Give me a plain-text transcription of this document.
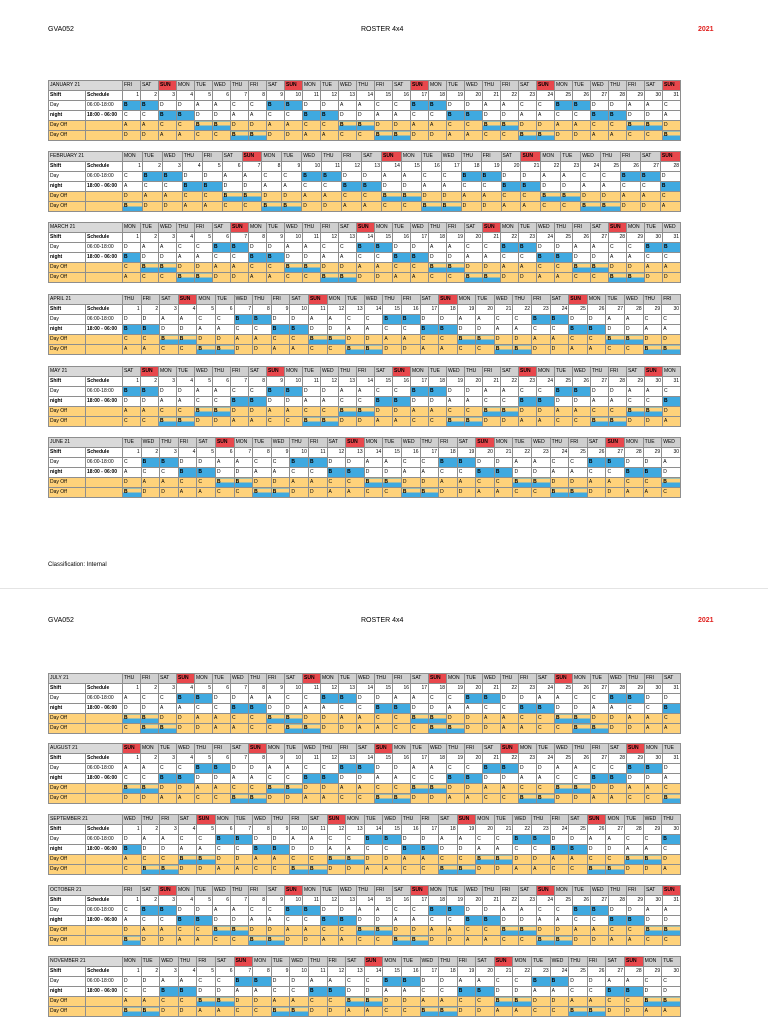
GVA052	ROSTER 4x4	2021
JANUARY 21		FRI	SAT	SUN	MON	TUE	WED	THU	FRI	SAT	SUN	MON	TUE	WED	THU	FRI	SAT	SUN	MON	TUE	WED	THU	FRI	SAT	SUN	MON	TUE	WED	THU	FRI	SAT	SUN
Shift	Schedule	1	2	3	4	5	6	7	8	9	10	11	12	13	14	15	16	17	18	19	20	21	22	23	24	25	26	27	28	29	30	31
Day	06:00-18:00	B	B	D	D	A	A	C	C	B	B	D	D	A	A	C	C	B	B	D	D	A	A	C	C	B	B	D	D	A	A	C
night	18:00 - 06:00	C	C	B	B	D	D	A	A	C	C	B	B	D	D	A	A	C	C	B	B	D	D	A	A	C	C	B	B	D	D	A
Day Off		A	A	C	C	B	B	D	D	A	A	C	C	B	B	D	D	A	A	C	C	B	B	D	D	A	A	C	C	B	B	D
Day Off		D	D	A	A	C	C	B	B	D	D	A	A	C	C	B	B	D	D	A	A	C	C	B	B	D	D	A	A	C	C	B
FEBRUARY 21		MON	TUE	WED	THU	FRI	SAT	SUN	MON	TUE	WED	THU	FRI	SAT	SUN	MON	TUE	WED	THU	FRI	SAT	SUN	MON	TUE	WED	THU	FRI	SAT	SUN
Shift	Schedule	1	2	3	4	5	6	7	8	9	10	11	12	13	14	15	16	17	18	19	20	21	22	23	24	25	26	27	28
Day	06:00-18:00	C	B	B	D	D	A	A	C	C	B	B	D	D	A	A	C	C	B	B	D	D	A	A	C	C	B	B	D
night	18:00 - 06:00	A	C	C	B	B	D	D	A	A	C	C	B	B	D	D	A	A	C	C	B	B	D	D	A	A	C	C	B
Day Off		D	A	A	C	C	B	B	D	D	A	A	C	C	B	B	D	D	A	A	C	C	B	B	D	D	A	A	C
Day Off		B	D	D	A	A	C	C	B	B	D	D	A	A	C	C	B	B	D	D	A	A	C	C	B	B	D	D	A
MARCH 21		MON	TUE	WED	THU	FRI	SAT	SUN	MON	TUE	WED	THU	FRI	SAT	SUN	MON	TUE	WED	THU	FRI	SAT	SUN	MON	TUE	WED	THU	FRI	SAT	SUN	MON	TUE	WED
Shift	Schedule	1	2	3	4	5	6	7	8	9	10	11	12	13	14	15	16	17	18	19	20	21	22	23	24	25	26	27	28	29	30	31
Day	06:00-18:00	D	A	A	C	C	B	B	D	D	A	A	C	C	B	B	D	D	A	A	C	C	B	B	D	D	A	A	C	C	B	B
night	18:00 - 06:00	B	D	D	A	A	C	C	B	B	D	D	A	A	C	C	B	B	D	D	A	A	C	C	B	B	D	D	A	A	C	C
Day Off		C	B	B	D	D	A	A	C	C	B	B	D	D	A	A	C	C	B	B	D	D	A	A	C	C	B	B	D	D	A	A
Day Off		A	C	C	B	B	D	D	A	A	C	C	B	B	D	D	A	A	C	C	B	B	D	D	A	A	C	C	B	B	D	D
APRIL 21		THU	FRI	SAT	SUN	MON	TUE	WED	THU	FRI	SAT	SUN	MON	TUE	WED	THU	FRI	SAT	SUN	MON	TUE	WED	THU	FRI	SAT	SUN	MON	TUE	WED	THU	FRI
Shift	Schedule	1	2	3	4	5	6	7	8	9	10	11	12	13	14	15	16	17	18	19	20	21	22	23	24	25	26	27	28	29	30
Day	06:00-18:00	D	D	A	A	C	C	B	B	D	D	A	A	C	C	B	B	D	D	A	A	C	C	B	B	D	D	A	A	C	C
night	18:00 - 06:00	B	B	D	D	A	A	C	C	B	B	D	D	A	A	C	C	B	B	D	D	A	A	C	C	B	B	D	D	A	A
Day Off		C	C	B	B	D	D	A	A	C	C	B	B	D	D	A	A	C	C	B	B	D	D	A	A	C	C	B	B	D	D
Day Off		A	A	C	C	B	B	D	D	A	A	C	C	B	B	D	D	A	A	C	C	B	B	D	D	A	A	C	C	B	B
MAY 21		SAT	SUN	MON	TUE	WED	THU	FRI	SAT	SUN	MON	TUE	WED	THU	FRI	SAT	SUN	MON	TUE	WED	THU	FRI	SAT	SUN	MON	TUE	WED	THU	FRI	SAT	SUN	MON
Shift	Schedule	1	2	3	4	5	6	7	8	9	10	11	12	13	14	15	16	17	18	19	20	21	22	23	24	25	26	27	28	29	30	31
Day	06:00-18:00	B	B	D	D	A	A	C	C	B	B	D	D	A	A	C	C	B	B	D	D	A	A	C	C	B	B	D	D	A	A	C
night	18:00 - 06:00	D	D	A	A	C	C	B	B	D	D	A	A	C	C	B	B	D	D	A	A	C	C	B	B	D	D	A	A	C	C	B
Day Off		A	A	C	C	B	B	D	D	A	A	C	C	B	B	D	D	A	A	C	C	B	B	D	D	A	A	C	C	B	B	D
Day Off		C	C	B	B	D	D	A	A	C	C	B	B	D	D	A	A	C	C	B	B	D	D	A	A	C	C	B	B	D	D	A
JUNE 21		TUE	WED	THU	FRI	SAT	SUN	MON	TUE	WED	THU	FRI	SAT	SUN	MON	TUE	WED	THU	FRI	SAT	SUN	MON	TUE	WED	THU	FRI	SAT	SUN	MON	TUE	WED
Shift	Schedule	1	2	3	4	5	6	7	8	9	10	11	12	13	14	15	16	17	18	19	20	21	22	23	24	25	26	27	28	29	30
Day	06:00-18:00	C	B	B	D	D	A	A	C	C	B	B	D	D	A	A	C	C	B	B	D	D	A	A	C	C	B	B	D	D	A
night	18:00 - 06:00	A	C	C	B	B	D	D	A	A	C	C	B	B	D	D	A	A	C	C	B	B	D	D	A	A	C	C	B	B	D
Day Off		D	A	A	C	C	B	B	D	D	A	A	C	C	B	B	D	D	A	A	C	C	B	B	D	D	A	A	C	C	B
Day Off		B	D	D	A	A	C	C	B	B	D	D	A	A	C	C	B	B	D	D	A	A	C	C	B	B	D	D	A	A	C
Classification: Internal
GVA052	ROSTER 4x4	2021
JULY 21		THU	FRI	SAT	SUN	MON	TUE	WED	THU	FRI	SAT	SUN	MON	TUE	WED	THU	FRI	SAT	SUN	MON	TUE	WED	THU	FRI	SAT	SUN	MON	TUE	WED	THU	FRI	SAT
Shift	Schedule	1	2	3	4	5	6	7	8	9	10	11	12	13	14	15	16	17	18	19	20	21	22	23	24	25	26	27	28	29	30	31
Day	06:00-18:00	A	C	C	B	B	D	D	A	A	C	C	B	B	D	D	A	A	C	C	B	B	D	D	A	A	C	C	B	B	D	D
night	18:00 - 06:00	D	D	A	A	C	C	B	B	D	D	A	A	C	C	B	B	D	D	A	A	C	C	B	B	D	D	A	A	C	C	B
Day Off		B	B	D	D	A	A	C	C	B	B	D	D	A	A	C	C	B	B	D	D	A	A	C	C	B	B	D	D	A	A	C
Day Off		C	B	B	D	D	A	A	C	C	B	B	D	D	A	A	C	C	B	B	D	D	A	A	C	C	B	B	D	D	A	A
AUGUST 21		SUN	MON	TUE	WED	THU	FRI	SAT	SUN	MON	TUE	WED	THU	FRI	SAT	SUN	MON	TUE	WED	THU	FRI	SAT	SUN	MON	TUE	WED	THU	FRI	SAT	SUN	MON	TUE
Shift	Schedule	1	2	3	4	5	6	7	8	9	10	11	12	13	14	15	16	17	18	19	20	21	22	23	24	25	26	27	28	29	30	31
Day	06:00-18:00	A	A	C	C	B	B	D	D	A	A	C	C	B	B	D	D	A	A	C	C	B	B	D	D	A	A	C	C	B	B	D
night	18:00 - 06:00	C	C	B	B	D	D	A	A	C	C	B	B	D	D	A	A	C	C	B	B	D	D	A	A	C	C	B	B	D	D	A
Day Off		B	B	D	D	A	A	C	C	B	B	D	D	A	A	C	C	B	B	D	D	A	A	C	C	B	B	D	D	A	A	C
Day Off		D	D	A	A	C	C	B	B	D	D	A	A	C	C	B	B	D	D	A	A	C	C	B	B	D	D	A	A	C	C	B
SEPTEMBER 21		WED	THU	FRI	SAT	SUN	MON	TUE	WED	THU	FRI	SAT	SUN	MON	TUE	WED	THU	FRI	SAT	SUN	MON	TUE	WED	THU	FRI	SAT	SUN	MON	TUE	WED	THU
Shift	Schedule	1	2	3	4	5	6	7	8	9	10	11	12	13	14	15	16	17	18	19	20	21	22	23	24	25	26	27	28	29	30
Day	06:00-18:00	D	A	A	C	C	B	B	D	D	A	A	C	C	B	B	D	D	A	A	C	C	B	B	D	D	A	A	C	C	B
night	18:00 - 06:00	B	D	D	A	A	C	C	B	B	D	D	A	A	C	C	B	B	D	D	A	A	C	C	B	B	D	D	A	A	C
Day Off		A	C	C	B	B	D	D	A	A	C	C	B	B	D	D	A	A	C	C	B	B	D	D	A	A	C	C	B	B	D
Day Off		C	B	B	D	D	A	A	C	C	B	B	D	D	A	A	C	C	B	B	D	D	A	A	C	C	B	B	D	D	A
OCTOBER 21		FRI	SAT	SUN	MON	TUE	WED	THU	FRI	SAT	SUN	MON	TUE	WED	THU	FRI	SAT	SUN	MON	TUE	WED	THU	FRI	SAT	SUN	MON	TUE	WED	THU	FRI	SAT	SUN
Shift	Schedule	1	2	3	4	5	6	7	8	9	10	11	12	13	14	15	16	17	18	19	20	21	22	23	24	25	26	27	28	29	30	31
Day	06:00-18:00	C	B	B	D	D	A	A	C	C	B	B	D	D	A	A	C	C	B	B	D	D	A	A	C	C	B	B	D	D	A	A
night	18:00 - 06:00	A	C	C	B	B	D	D	A	A	C	C	B	B	D	D	A	A	C	C	B	B	D	D	A	A	C	C	B	B	D	D
Day Off		D	A	A	C	C	B	B	D	D	A	A	C	C	B	B	D	D	A	A	C	C	B	B	D	D	A	A	C	C	B	B
Day Off		B	D	D	A	A	C	C	B	B	D	D	A	A	C	C	B	B	D	D	A	A	C	C	B	B	D	D	A	A	C	C
NOVEMBER 21		MON	TUE	WED	THU	FRI	SAT	SUN	MON	TUE	WED	THU	FRI	SAT	SUN	MON	TUE	WED	THU	FRI	SAT	SUN	MON	TUE	WED	THU	FRI	SAT	SUN	MON	TUE
Shift	Schedule	1	2	3	4	5	6	7	8	9	10	11	12	13	14	15	16	17	18	19	20	21	22	23	24	25	26	27	28	29	30
Day	06:00-18:00	D	D	A	A	C	C	B	B	D	D	A	A	C	C	B	B	D	D	A	A	C	C	B	B	D	D	A	A	C	C
night	18:00 - 06:00	C	C	B	B	D	D	A	A	C	C	B	B	D	D	A	A	C	C	B	B	D	D	A	A	C	C	B	B	D	D
Day Off		A	A	C	C	B	B	D	D	A	A	C	C	B	B	D	D	A	A	C	C	B	B	D	D	A	A	C	C	B	B
Day Off		B	B	D	D	A	A	C	C	B	B	D	D	A	A	C	C	B	B	D	D	A	A	C	C	B	B	D	D	A	A
